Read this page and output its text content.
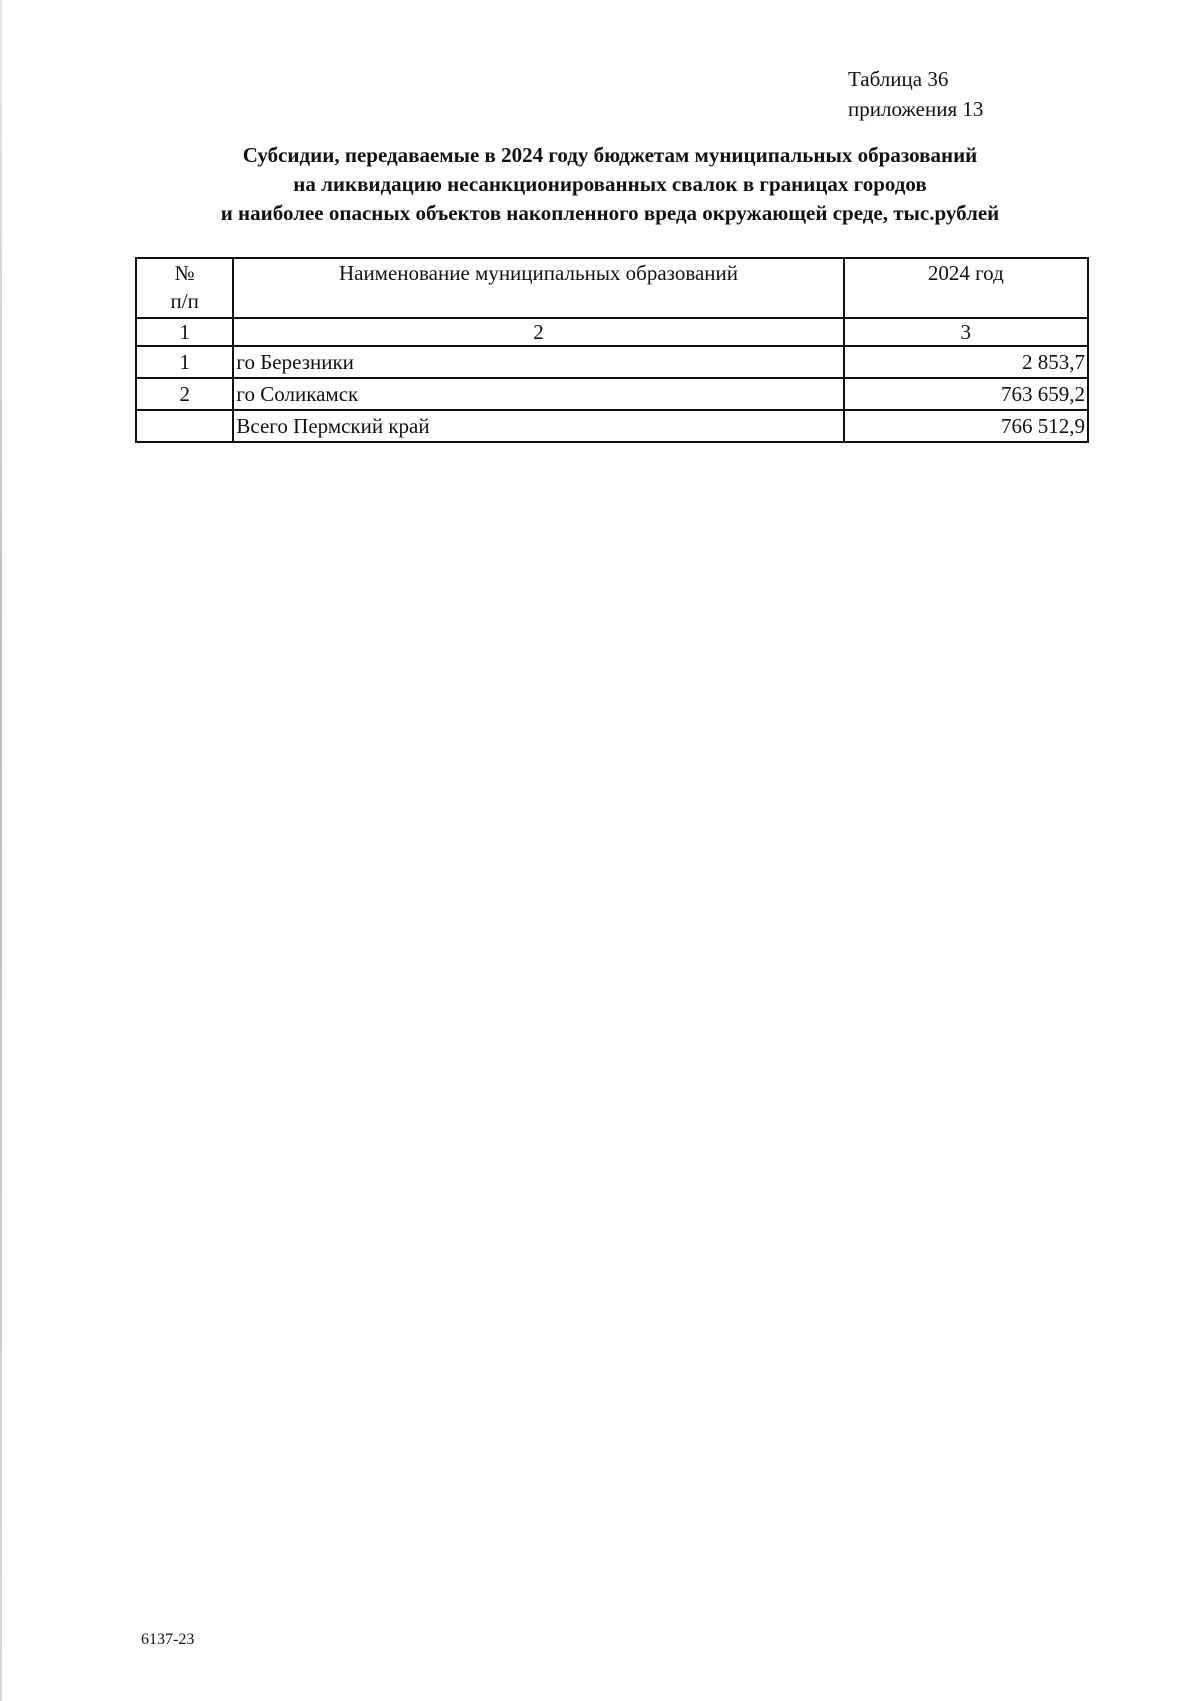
Таблица 36
приложения 13
Субсидии, передаваемые в 2024 году бюджетам муниципальных образований
на ликвидацию несанкционированных свалок в границах городов
и наиболее опасных объектов накопленного вреда окружающей среде, тыс.рублей
№
п/п	Наименование муниципальных образований	2024 год
1	2	3
1	го Березники	2 853,7
2	го Соликамск	763 659,2
	Всего Пермский край	766 512,9
6137-23
